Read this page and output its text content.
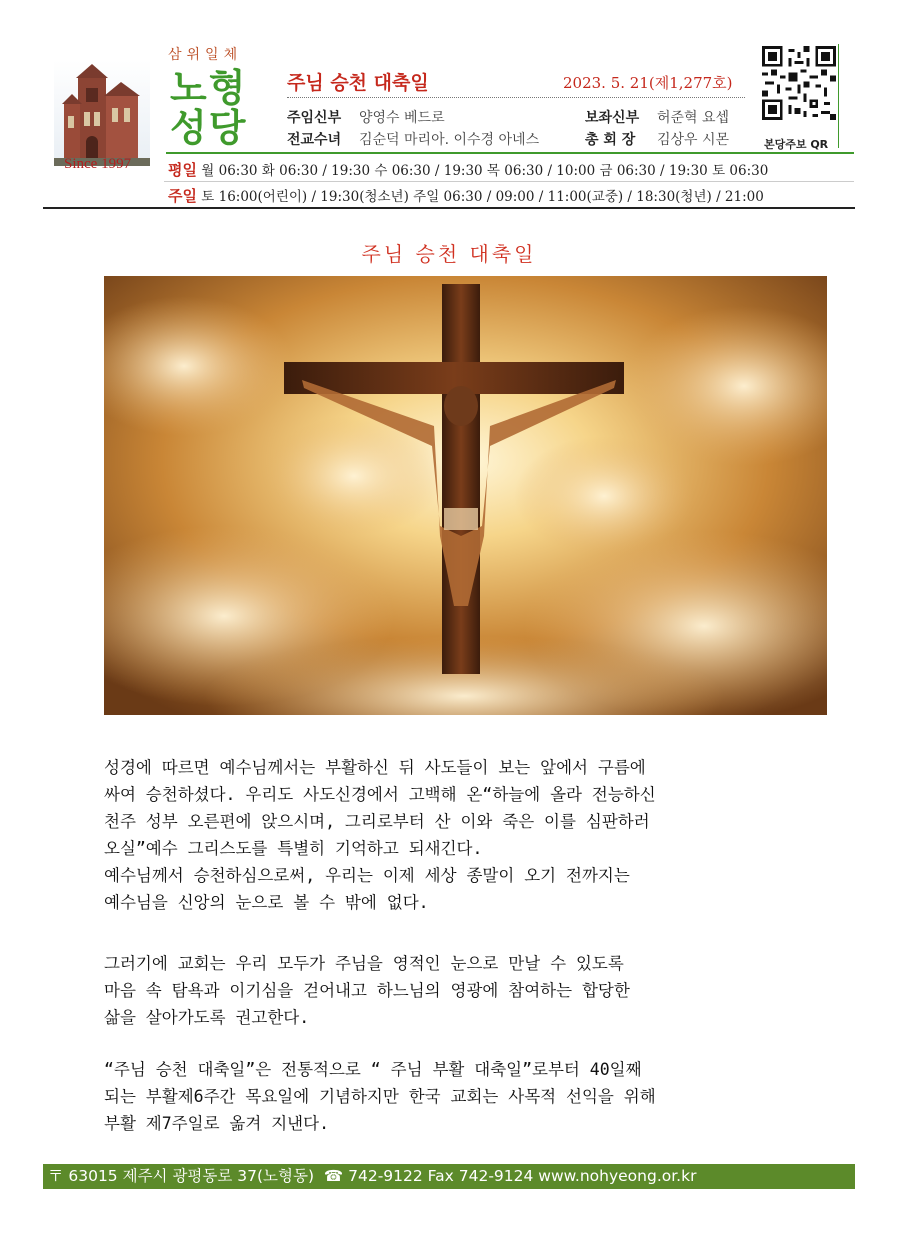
Since 1997
삼위일체
노형
성당
주님 승천 대축일	2023. 5. 21(제1,277호)
주임신부 양영수 베드로	보좌신부 허준혁 요셉
전교수녀 김순덕 마리아. 이수경 아네스	총 회 장 김상우 시몬	본당주보 QR
평일 월 06:30 화 06:30 / 19:30 수 06:30 / 19:30 목 06:30 / 10:00 금 06:30 / 19:30 토 06:30
주일 토 16:00(어린이) / 19:30(청소년) 주일 06:30 / 09:00 / 11:00(교중) / 18:30(청년) / 21:00
주님 승천 대축일
성경에 따르면 예수님께서는 부활하신 뒤 사도들이 보는 앞에서 구름에
싸여 승천하셨다. 우리도 사도신경에서 고백해 온“하늘에 올라 전능하신
천주 성부 오른편에 앉으시며, 그리로부터 산 이와 죽은 이를 심판하러
오실”예수 그리스도를 특별히 기억하고 되새긴다.
예수님께서 승천하심으로써, 우리는 이제 세상 종말이 오기 전까지는
예수님을 신앙의 눈으로 볼 수 밖에 없다.
그러기에 교회는 우리 모두가 주님을 영적인 눈으로 만날 수 있도록
마음 속 탐욕과 이기심을 걷어내고 하느님의 영광에 참여하는 합당한
삶을 살아가도록 권고한다.
“주님 승천 대축일”은 전통적으로 “ 주님 부활 대축일”로부터 40일째
되는 부활제6주간 목요일에 기념하지만 한국 교회는 사목적 선익을 위해
부활 제7주일로 옮겨 지낸다.
〒 63015 제주시 광평동로 37(노형동)  ☎ 742-9122 Fax 742-9124 www.nohyeong.or.kr
